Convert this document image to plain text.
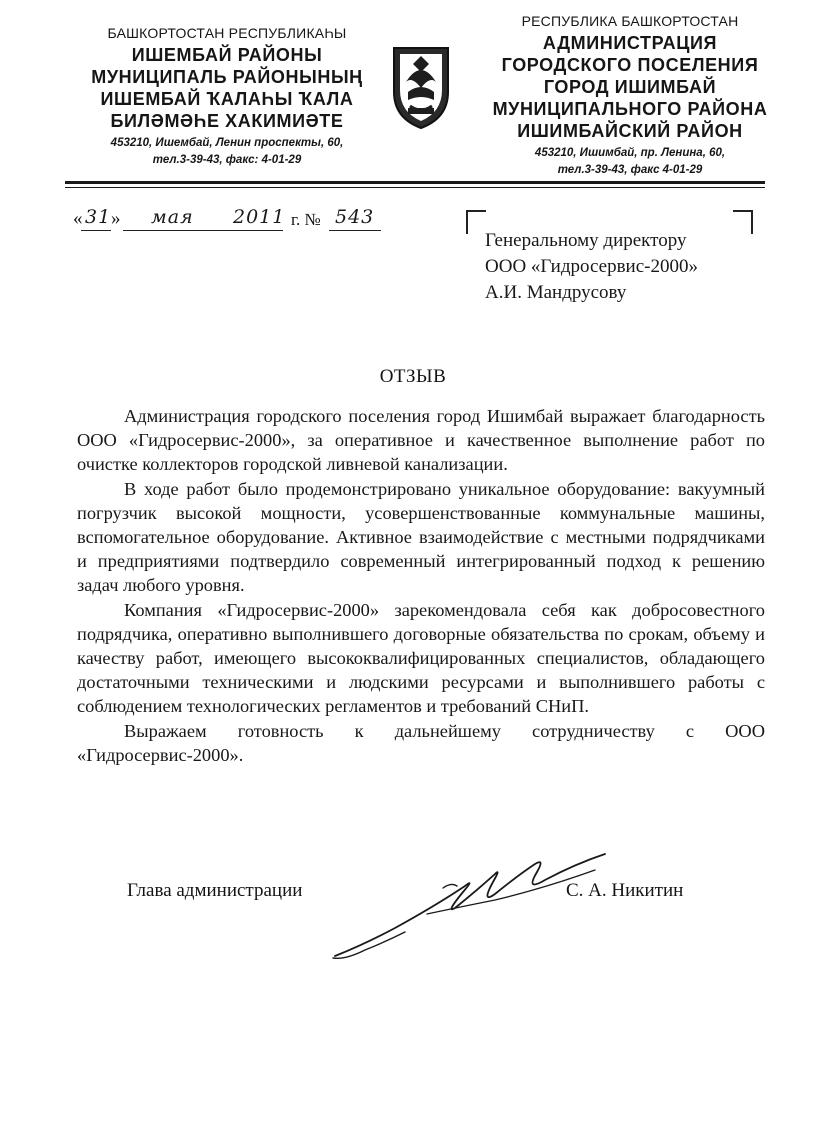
БАШКОРТОСТАН РЕСПУБЛИКАҺЫ
ИШЕМБАЙ РАЙОНЫ
МУНИЦИПАЛЬ РАЙОНЫНЫҢ
ИШЕМБАЙ ҠАЛАҺЫ ҠАЛА
БИЛӘМӘҺЕ ХАКИМИӘТЕ
453210, Ишембай, Ленин проспекты, 60,
тел.3-39-43, факс: 4-01-29
РЕСПУБЛИКА БАШКОРТОСТАН
АДМИНИСТРАЦИЯ
ГОРОДСКОГО ПОСЕЛЕНИЯ
ГОРОД ИШИМБАЙ
МУНИЦИПАЛЬНОГО РАЙОНА
ИШИМБАЙСКИЙ РАЙОН
453210, Ишимбай, пр. Ленина, 60,
тел.3-39-43, факс 4-01-29
« 31 » мая 2011 г. № 543
Генеральному директору
ООО «Гидросервис-2000»
А.И. Мандрусову
ОТЗЫВ

Администрация городского поселения город Ишимбай выражает благодарность ООО «Гидросервис-2000», за оперативное и качественное выполнение работ по очистке коллекторов городской ливневой канализации.

В ходе работ было продемонстрировано уникальное оборудование: вакуумный погрузчик высокой мощности, усовершенствованные коммунальные машины, вспомогательное оборудование. Активное взаимодействие с местными подрядчиками и предприятиями подтвердило современный интегрированный подход к решению задач любого уровня.

Компания «Гидросервис-2000» зарекомендовала себя как добросовестного подрядчика, оперативно выполнившего договорные обязательства по срокам, объему и качеству работ, имеющего высококвалифицированных специалистов, обладающего достаточными техническими и людскими ресурсами и выполнившего работы с соблюдением технологических регламентов и требований СНиП.

Выражаем готовность к дальнейшему сотрудничеству с ООО «Гидросервис-2000».

Глава администрации	С. А. Никитин
